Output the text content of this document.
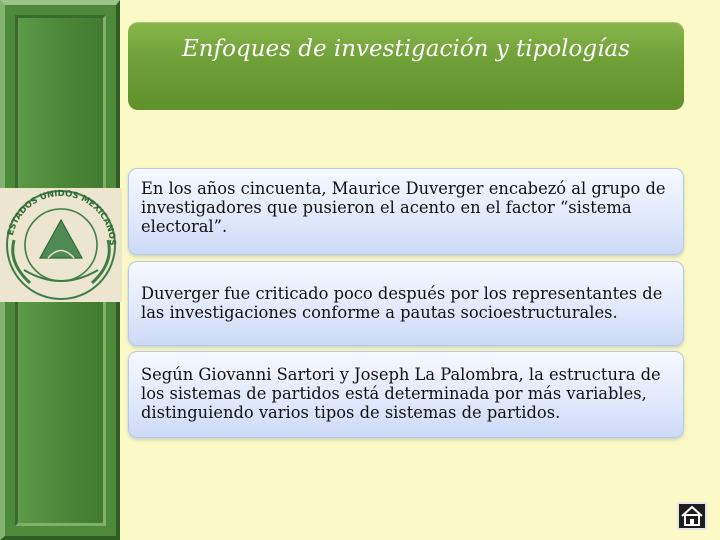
ESTADOS UNIDOS MEXICANOS
Enfoques de investigación y tipologías
En los años cincuenta, Maurice Duverger encabezó al grupo de investigadores que pusieron el acento en el factor “sistema electoral”.
Duverger fue criticado poco después por los representantes de las investigaciones conforme a pautas socioestructurales.
Según Giovanni Sartori y Joseph La Palombra, la estructura de los sistemas de partidos está determinada por más variables, distinguiendo varios tipos de sistemas de partidos.
